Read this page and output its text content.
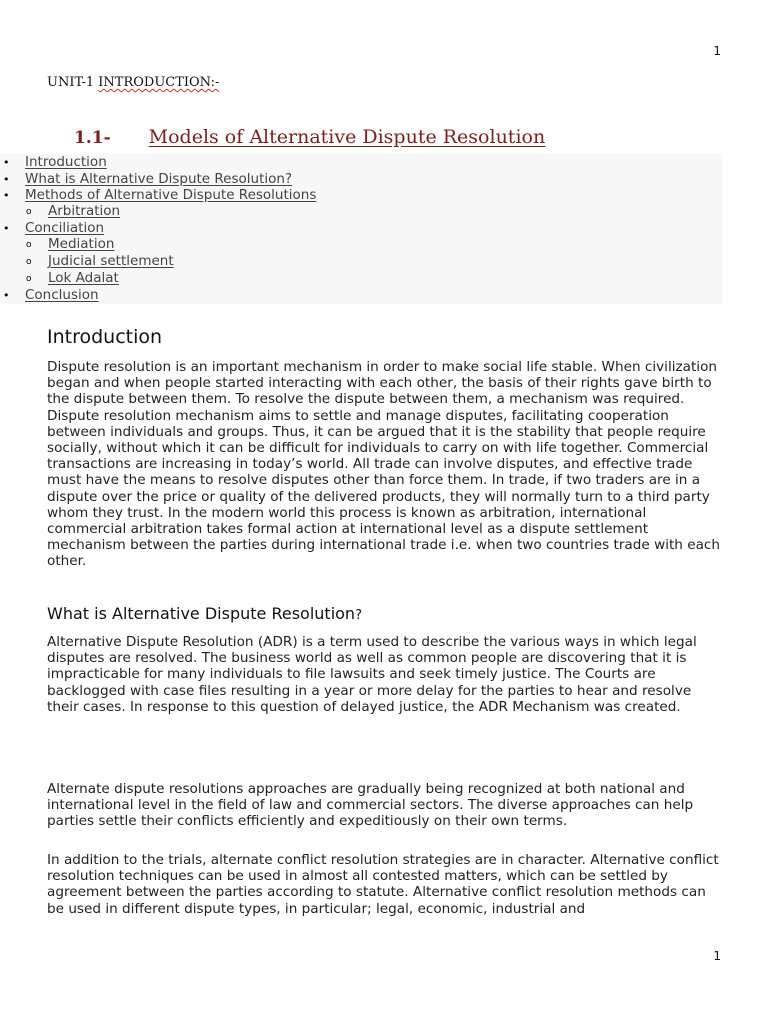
1
UNIT-1 INTRODUCTION:-
1.1- Models of Alternative Dispute Resolution
• Introduction
• What is Alternative Dispute Resolution?
• Methods of Alternative Dispute Resolutions
o Arbitration
• Conciliation
o Mediation
o Judicial settlement
o Lok Adalat
• Conclusion
Introduction

Dispute resolution is an important mechanism in order to make social life stable. When civilization began and when people started interacting with each other, the basis of their rights gave birth to the dispute between them. To resolve the dispute between them, a mechanism was required. Dispute resolution mechanism aims to settle and manage disputes, facilitating cooperation between individuals and groups. Thus, it can be argued that it is the stability that people require socially, without which it can be difficult for individuals to carry on with life together. Commercial transactions are increasing in today’s world. All trade can involve disputes, and effective trade must have the means to resolve disputes other than force them. In trade, if two traders are in a dispute over the price or quality of the delivered products, they will normally turn to a third party whom they trust. In the modern world this process is known as arbitration, international commercial arbitration takes formal action at international level as a dispute settlement mechanism between the parties during international trade i.e. when two countries trade with each other.

What is Alternative Dispute Resolution?

Alternative Dispute Resolution (ADR) is a term used to describe the various ways in which legal disputes are resolved. The business world as well as common people are discovering that it is impracticable for many individuals to file lawsuits and seek timely justice. The Courts are backlogged with case files resulting in a year or more delay for the parties to hear and resolve their cases. In response to this question of delayed justice, the ADR Mechanism was created.

Alternate dispute resolutions approaches are gradually being recognized at both national and international level in the field of law and commercial sectors. The diverse approaches can help parties settle their conflicts efficiently and expeditiously on their own terms.

In addition to the trials, alternate conflict resolution strategies are in character. Alternative conflict resolution techniques can be used in almost all contested matters, which can be settled by agreement between the parties according to statute. Alternative conflict resolution methods can be used in different dispute types, in particular; legal, economic, industrial and

1
